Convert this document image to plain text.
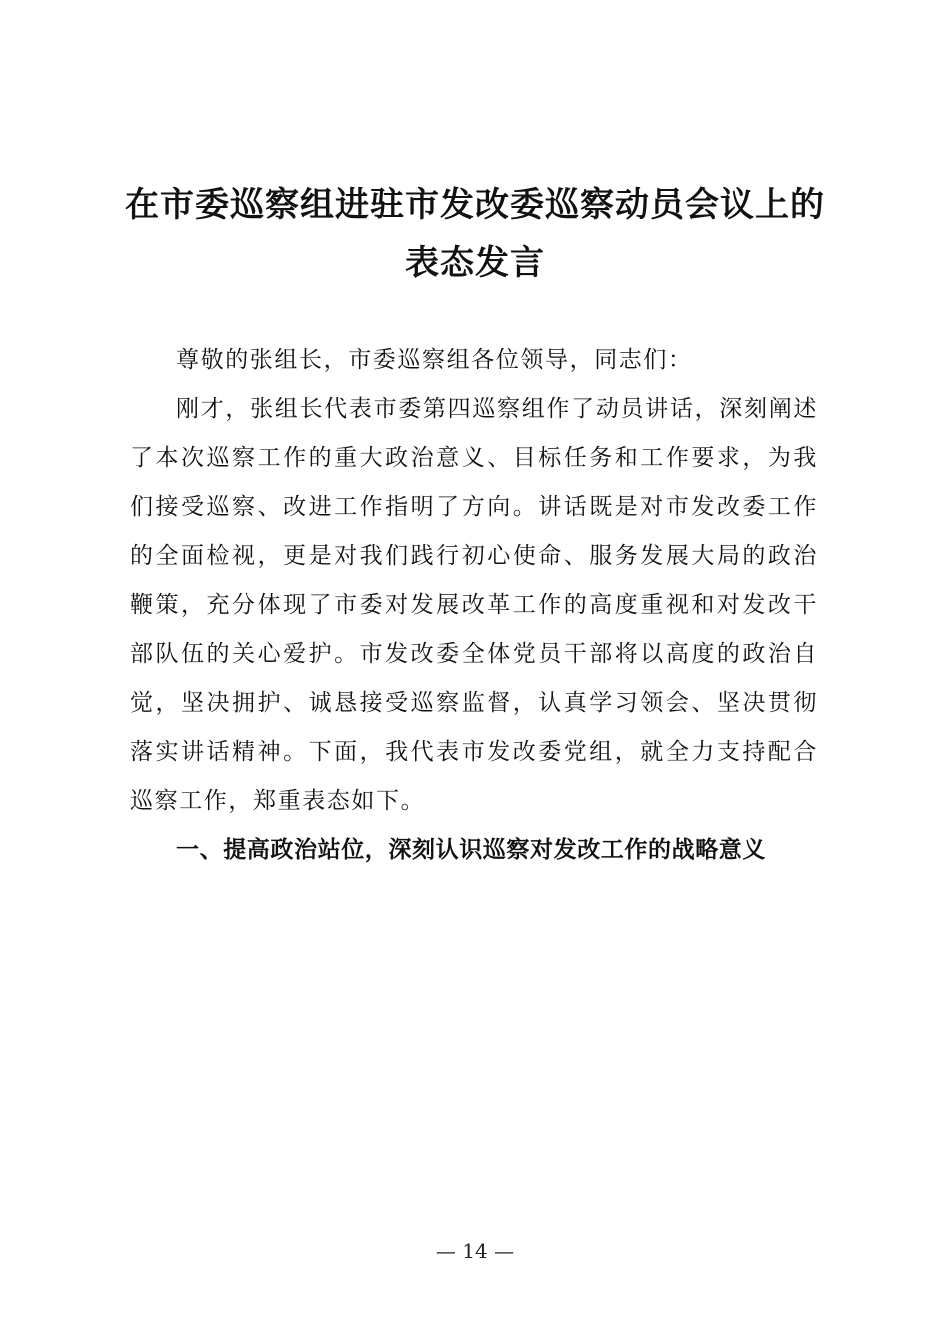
在市委巡察组进驻市发改委巡察动员会议上的
表态发言

尊敬的张组长，市委巡察组各位领导，同志们：

刚才，张组长代表市委第四巡察组作了动员讲话，深刻阐述了本次巡察工作的重大政治意义、目标任务和工作要求，为我们接受巡察、改进工作指明了方向。讲话既是对市发改委工作的全面检视，更是对我们践行初心使命、服务发展大局的政治鞭策，充分体现了市委对发展改革工作的高度重视和对发改干部队伍的关心爱护。市发改委全体党员干部将以高度的政治自觉，坚决拥护、诚恳接受巡察监督，认真学习领会、坚决贯彻落实讲话精神。下面，我代表市发改委党组，就全力支持配合巡察工作，郑重表态如下。

一、提高政治站位，深刻认识巡察对发改工作的战略意义

— 14 —
